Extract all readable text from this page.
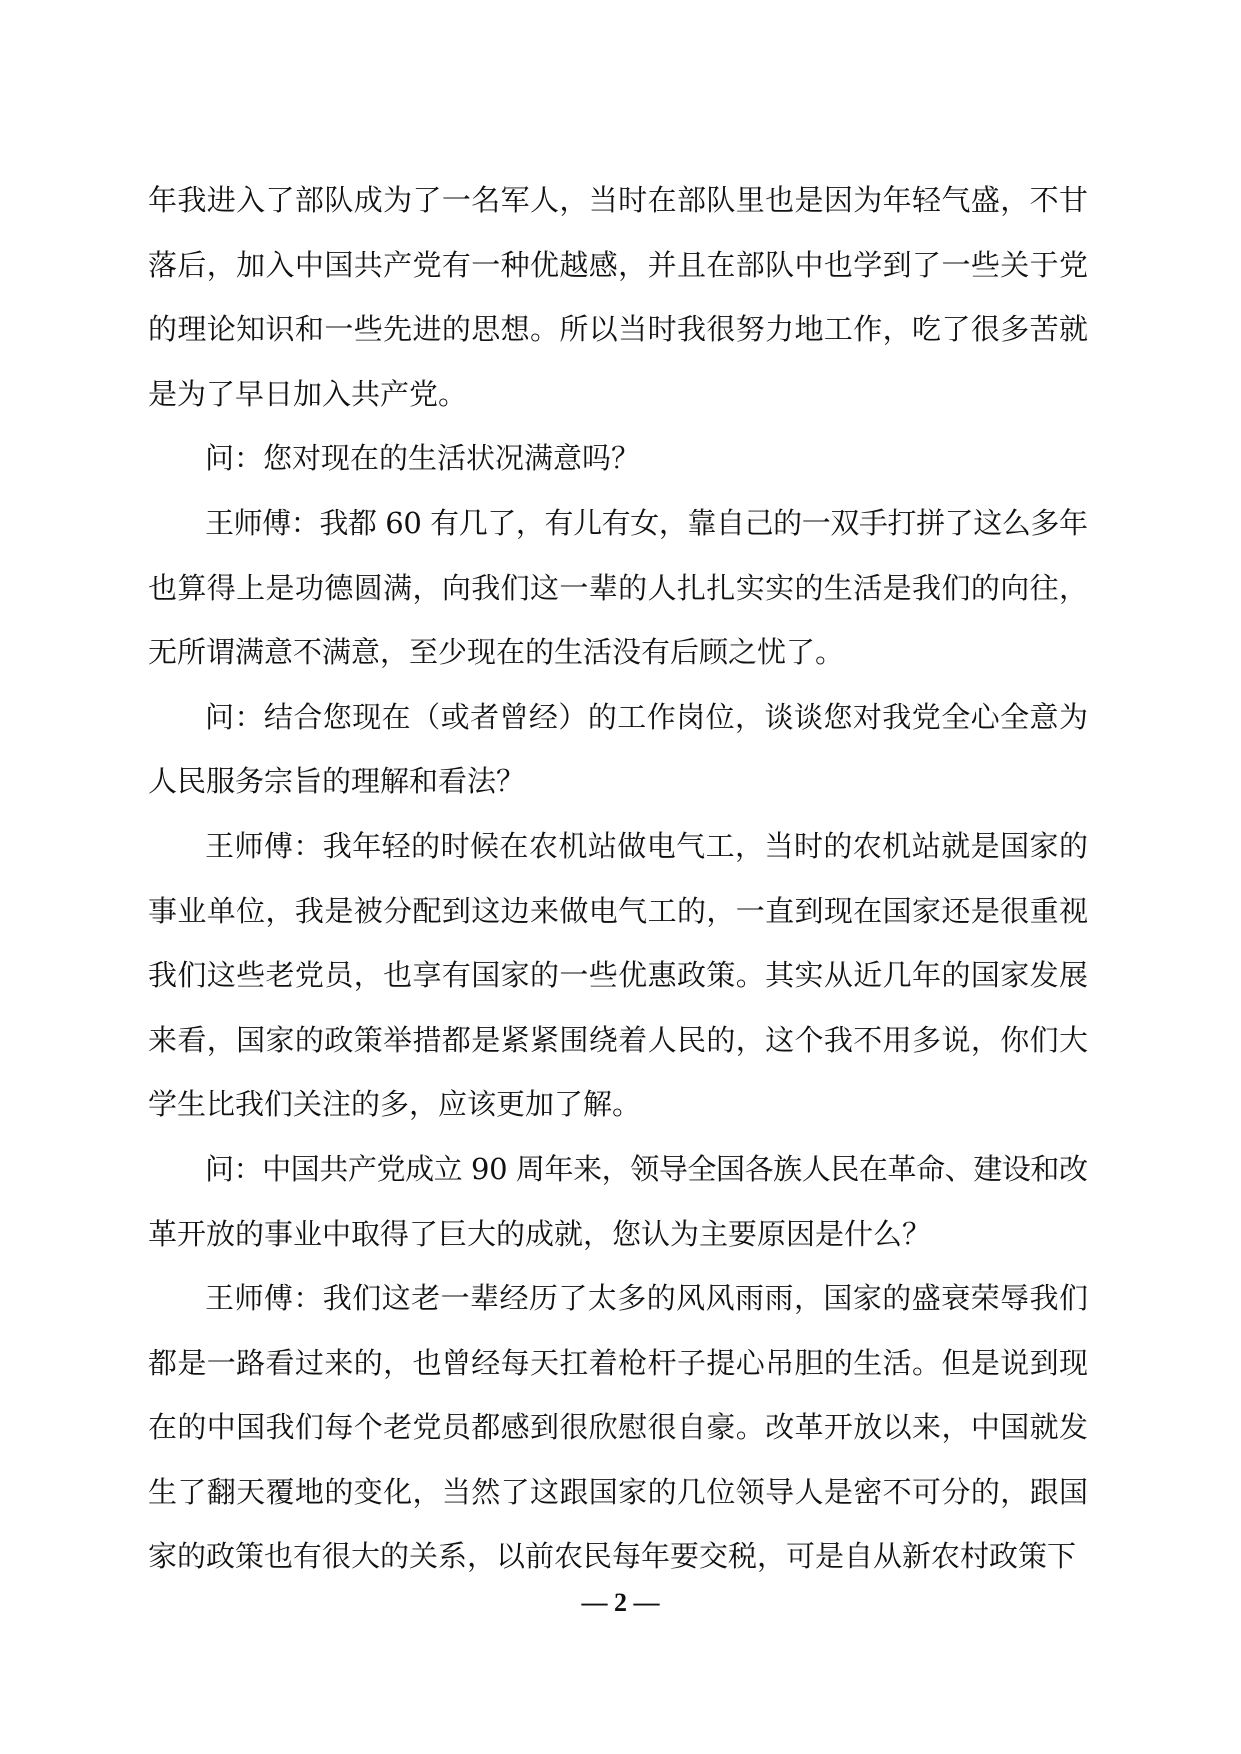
年我进入了部队成为了一名军人，当时在部队里也是因为年轻气盛，不甘
落后，加入中国共产党有一种优越感，并且在部队中也学到了一些关于党
的理论知识和一些先进的思想。所以当时我很努力地工作，吃了很多苦就
是为了早日加入共产党。
问：您对现在的生活状况满意吗？
王师傅：我都 60 有几了，有儿有女，靠自己的一双手打拼了这么多年
也算得上是功德圆满，向我们这一辈的人扎扎实实的生活是我们的向往，
无所谓满意不满意，至少现在的生活没有后顾之忧了。
问：结合您现在（或者曾经）的工作岗位，谈谈您对我党全心全意为
人民服务宗旨的理解和看法？
王师傅：我年轻的时候在农机站做电气工，当时的农机站就是国家的
事业单位，我是被分配到这边来做电气工的，一直到现在国家还是很重视
我们这些老党员，也享有国家的一些优惠政策。其实从近几年的国家发展
来看，国家的政策举措都是紧紧围绕着人民的，这个我不用多说，你们大
学生比我们关注的多，应该更加了解。
问：中国共产党成立 90 周年来，领导全国各族人民在革命、建设和改
革开放的事业中取得了巨大的成就，您认为主要原因是什么？
王师傅：我们这老一辈经历了太多的风风雨雨，国家的盛衰荣辱我们
都是一路看过来的，也曾经每天扛着枪杆子提心吊胆的生活。但是说到现
在的中国我们每个老党员都感到很欣慰很自豪。改革开放以来，中国就发
生了翻天覆地的变化，当然了这跟国家的几位领导人是密不可分的，跟国
家的政策也有很大的关系，以前农民每年要交税，可是自从新农村政策下
— 2 —
